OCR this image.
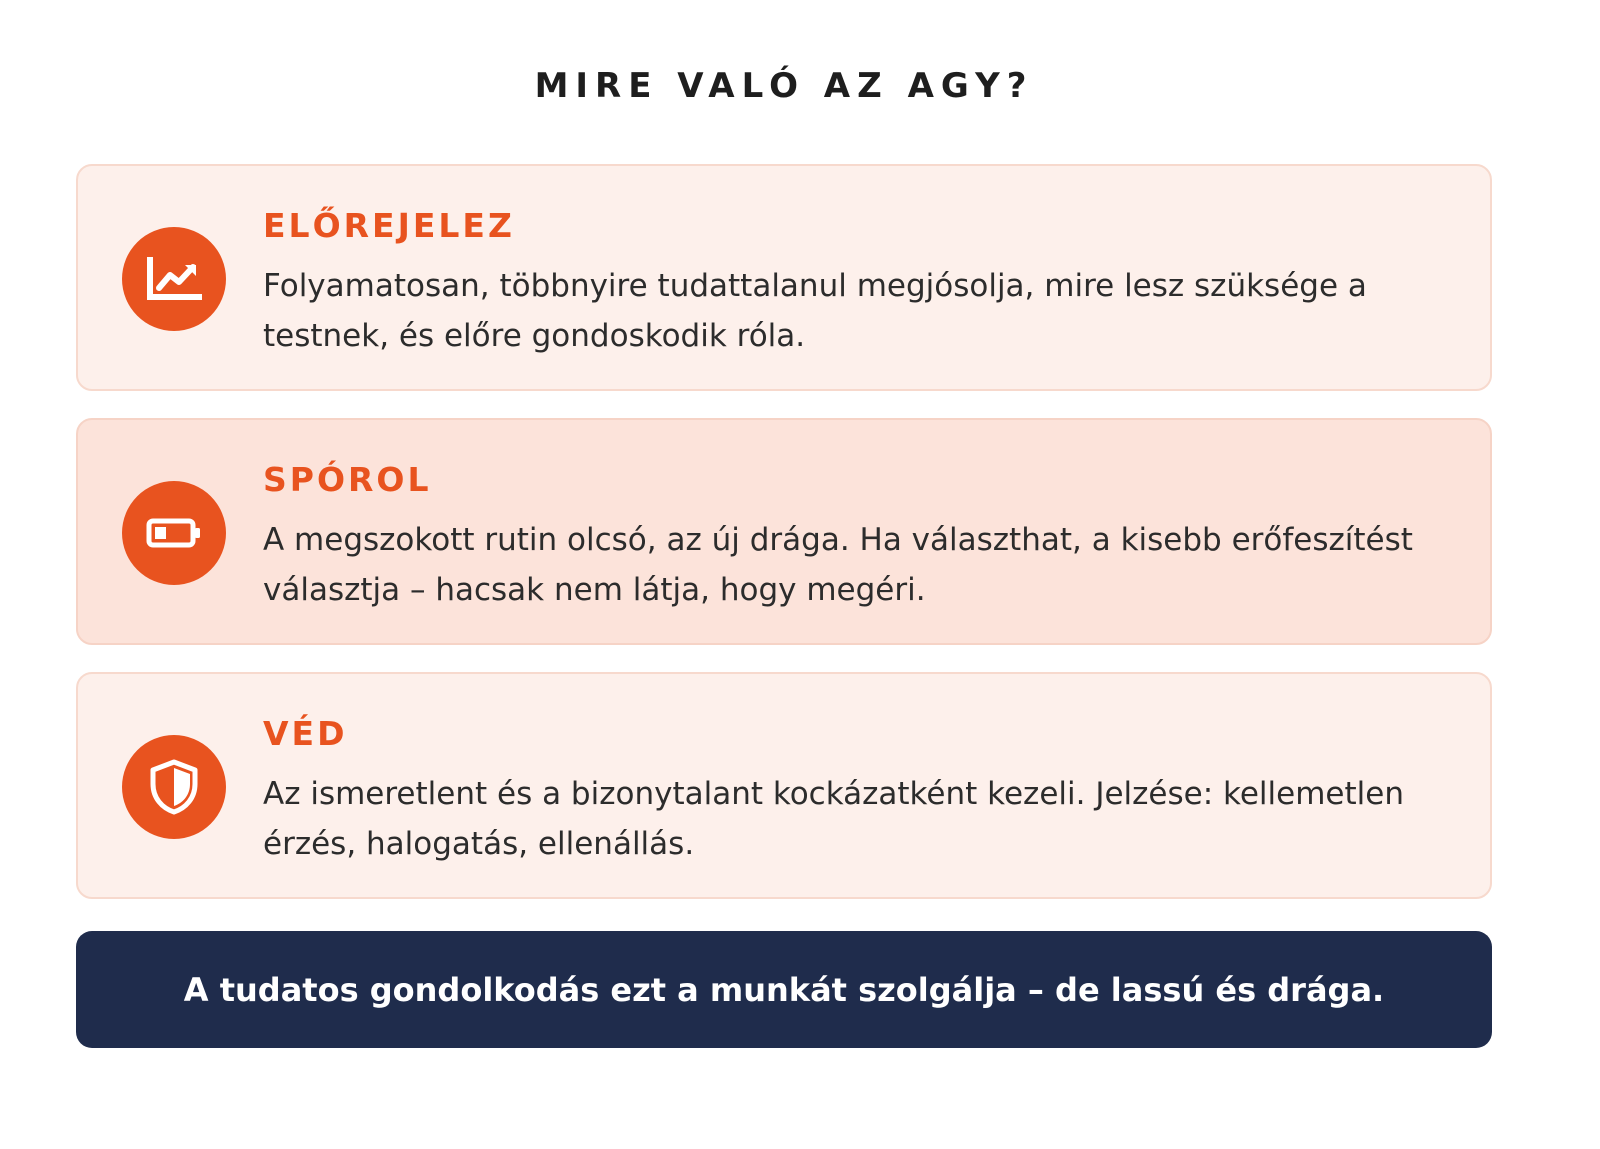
MIRE VALÓ AZ AGY?
ELŐREJELEZ
Folyamatosan, többnyire tudattalanul megjósolja, mire lesz szüksége a testnek, és előre gondoskodik róla.
SPÓROL
A megszokott rutin olcsó, az új drága. Ha választhat, a kisebb erőfeszítést választja – hacsak nem látja, hogy megéri.
VÉD
Az ismeretlent és a bizonytalant kockázatként kezeli. Jelzése: kellemetlen érzés, halogatás, ellenállás.
A tudatos gondolkodás ezt a munkát szolgálja – de lassú és drága.
